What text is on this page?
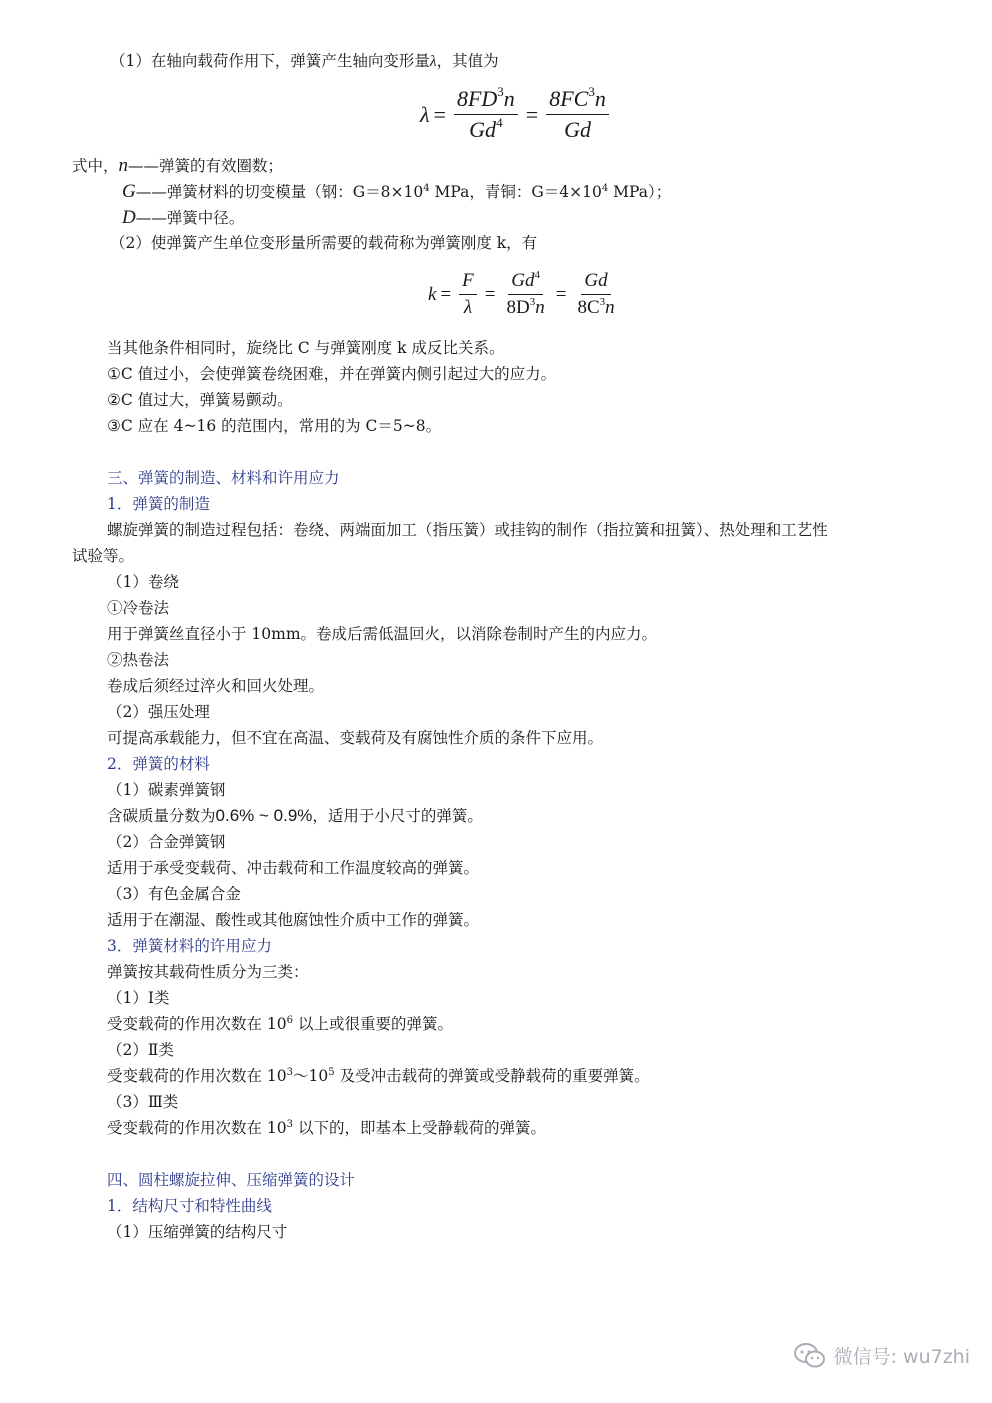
（1）在轴向载荷作用下，弹簧产生轴向变形量λ，其值为
$\lambda = \frac{8FD^3n}{Gd^4} = \frac{8FC^3n}{Gd}$
式中，n——弹簧的有效圈数；
G——弹簧材料的切变模量（钢：$G=8\times 10^4$ MPa，青铜：$G=4\times 10^4$ MPa）；
D——弹簧中径。
（2）使弹簧产生单位变形量所需要的载荷称为弹簧刚度 k，有
$k = \frac{F}{\lambda} = \frac{Gd^4}{8D^3n} = \frac{Gd}{8C^3n}$
当其他条件相同时，旋绕比 C 与弹簧刚度 k 成反比关系。
①C 值过小，会使弹簧卷绕困难，并在弹簧内侧引起过大的应力。
②C 值过大，弹簧易颤动。
③C 应在 4~16 的范围内，常用的为 C＝5~8。
三、弹簧的制造、材料和许用应力
1．弹簧的制造
螺旋弹簧的制造过程包括：卷绕、两端面加工（指压簧）或挂钩的制作（指拉簧和扭簧）、热处理和工艺性
试验等。
（1）卷绕
①冷卷法
用于弹簧丝直径小于 10mm。卷成后需低温回火，以消除卷制时产生的内应力。
②热卷法
卷成后须经过淬火和回火处理。
（2）强压处理
可提高承载能力，但不宜在高温、变载荷及有腐蚀性介质的条件下应用。
2．弹簧的材料
（1）碳素弹簧钢
含碳质量分数为0.6% ~ 0.9%，适用于小尺寸的弹簧。
（2）合金弹簧钢
适用于承受变载荷、冲击载荷和工作温度较高的弹簧。
（3）有色金属合金
适用于在潮湿、酸性或其他腐蚀性介质中工作的弹簧。
3．弹簧材料的许用应力
弹簧按其载荷性质分为三类：
（1）Ⅰ类
受变载荷的作用次数在 $10^6$ 以上或很重要的弹簧。
（2）Ⅱ类
受变载荷的作用次数在 $10^3\sim 10^5$ 及受冲击载荷的弹簧或受静载荷的重要弹簧。
（3）Ⅲ类
受变载荷的作用次数在 $10^3$ 以下的，即基本上受静载荷的弹簧。
四、圆柱螺旋拉伸、压缩弹簧的设计
1．结构尺寸和特性曲线
（1）压缩弹簧的结构尺寸
微信号: wu7zhi
